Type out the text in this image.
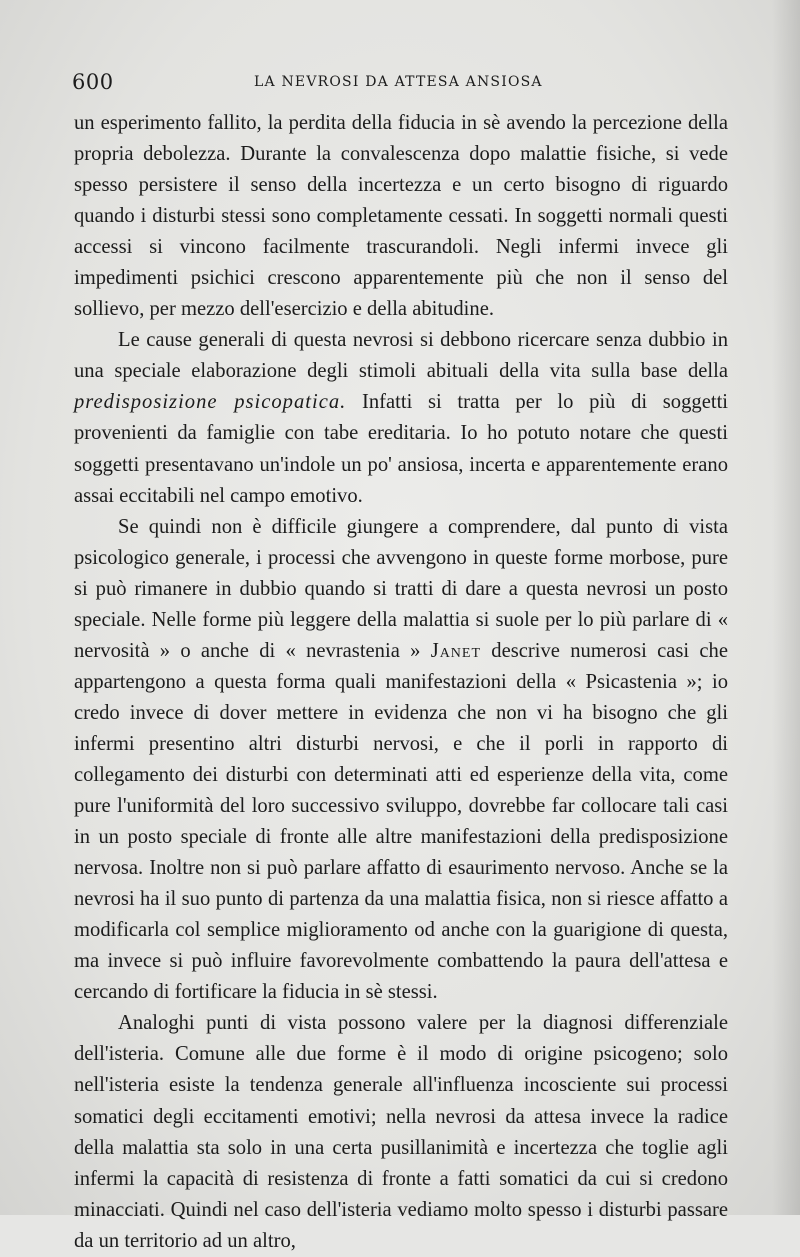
600	LA NEVROSI DA ATTESA ANSIOSA

un esperimento fallito, la perdita della fiducia in sè avendo la percezione della propria debolezza. Durante la convalescenza dopo malattie fisiche, si vede spesso persistere il senso della incertezza e un certo bisogno di riguardo quando i disturbi stessi sono completamente cessati. In soggetti normali questi accessi si vincono facilmente trascurandoli. Negli infermi invece gli impedimenti psichici crescono apparentemente più che non il senso del sollievo, per mezzo dell'esercizio e della abitudine.

Le cause generali di questa nevrosi si debbono ricercare senza dubbio in una speciale elaborazione degli stimoli abituali della vita sulla base della predisposizione psicopatica. Infatti si tratta per lo più di soggetti provenienti da famiglie con tabe ereditaria. Io ho potuto notare che questi soggetti presentavano un'indole un po' ansiosa, incerta e apparentemente erano assai eccitabili nel campo emotivo.

Se quindi non è difficile giungere a comprendere, dal punto di vista psicologico generale, i processi che avvengono in queste forme morbose, pure si può rimanere in dubbio quando si tratti di dare a questa nevrosi un posto speciale. Nelle forme più leggere della malattia si suole per lo più parlare di « nervosità » o anche di « nevrastenia » Janet descrive numerosi casi che appartengono a questa forma quali manifestazioni della « Psicastenia »; io credo invece di dover mettere in evidenza che non vi ha bisogno che gli infermi presentino altri disturbi nervosi, e che il porli in rapporto di collegamento dei disturbi con determinati atti ed esperienze della vita, come pure l'uniformità del loro successivo sviluppo, dovrebbe far collocare tali casi in un posto speciale di fronte alle altre manifestazioni della predisposizione nervosa. Inoltre non si può parlare affatto di esaurimento nervoso. Anche se la nevrosi ha il suo punto di partenza da una malattia fisica, non si riesce affatto a modificarla col semplice miglioramento od anche con la guarigione di questa, ma invece si può influire favorevolmente combattendo la paura dell'attesa e cercando di fortificare la fiducia in sè stessi.

Analoghi punti di vista possono valere per la diagnosi differenziale dell'isteria. Comune alle due forme è il modo di origine psicogeno; solo nell'isteria esiste la tendenza generale all'influenza incosciente sui processi somatici degli eccitamenti emotivi; nella nevrosi da attesa invece la radice della malattia sta solo in una certa pusillanimità e incertezza che toglie agli infermi la capacità di resistenza di fronte a fatti somatici da cui si credono minacciati. Quindi nel caso dell'isteria vediamo molto spesso i disturbi passare da un territorio ad un altro,
